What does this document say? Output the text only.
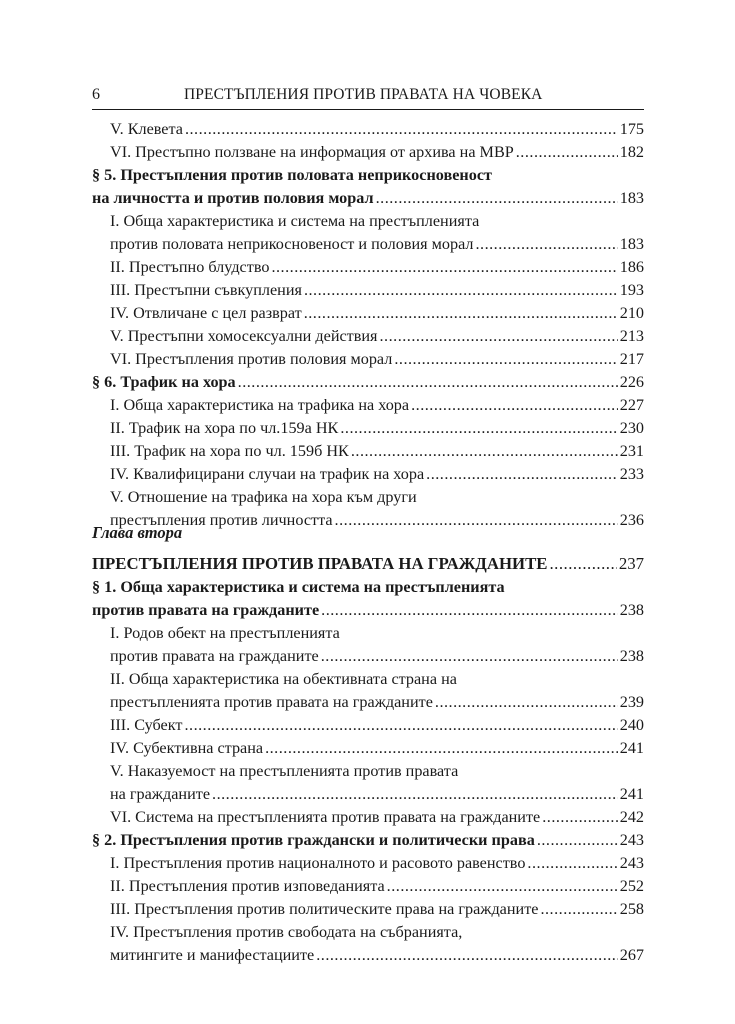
6	ПРЕСТЪПЛЕНИЯ ПРОТИВ ПРАВАТА НА ЧОВЕКА
Глава втора
V. Клевета .....	175
VI. Престъпно ползване на информация от архива на МВР .....	182
§ 5. Престъпления против половата неприкосновеност
на личността и против половия морал .....	183
I. Обща характеристика и система на престъпленията
против половата неприкосновеност и половия морал .....	183
II. Престъпно блудство .....	186
III. Престъпни съвкупления .....	193
IV. Отвличане с цел разврат .....	210
V. Престъпни хомосексуални действия .....	213
VI. Престъпления против половия морал .....	217
§ 6. Трафик на хора .....	226
I. Обща характеристика на трафика на хора .....	227
II. Трафик на хора по чл.159а НК .....	230
III. Трафик на хора по чл. 159б НК .....	231
IV. Квалифицирани случаи на трафик на хора .....	233
V. Отношение на трафика на хора към други
престъпления против личността .....	236
ПРЕСТЪПЛЕНИЯ ПРОТИВ ПРАВАТА НА ГРАЖДАНИТЕ .....	237
§ 1. Обща характеристика и система на престъпленията
против правата на гражданите .....	238
I. Родов обект на престъпленията
против правата на гражданите .....	238
II. Обща характеристика на обективната страна на
престъпленията против правата на гражданите .....	239
III. Субект .....	240
IV. Субективна страна .....	241
V. Наказуемост на престъпленията против правата
на гражданите .....	241
VI. Система на престъпленията против правата на гражданите .....	242
§ 2. Престъпления против граждански и политически права .....	243
I. Престъпления против националното и расовото равенство .....	243
II. Престъпления против изповеданията .....	252
III. Престъпления против политическите права на гражданите .....	258
IV. Престъпления против свободата на събранията,
митингите и манифестациите .....	267
